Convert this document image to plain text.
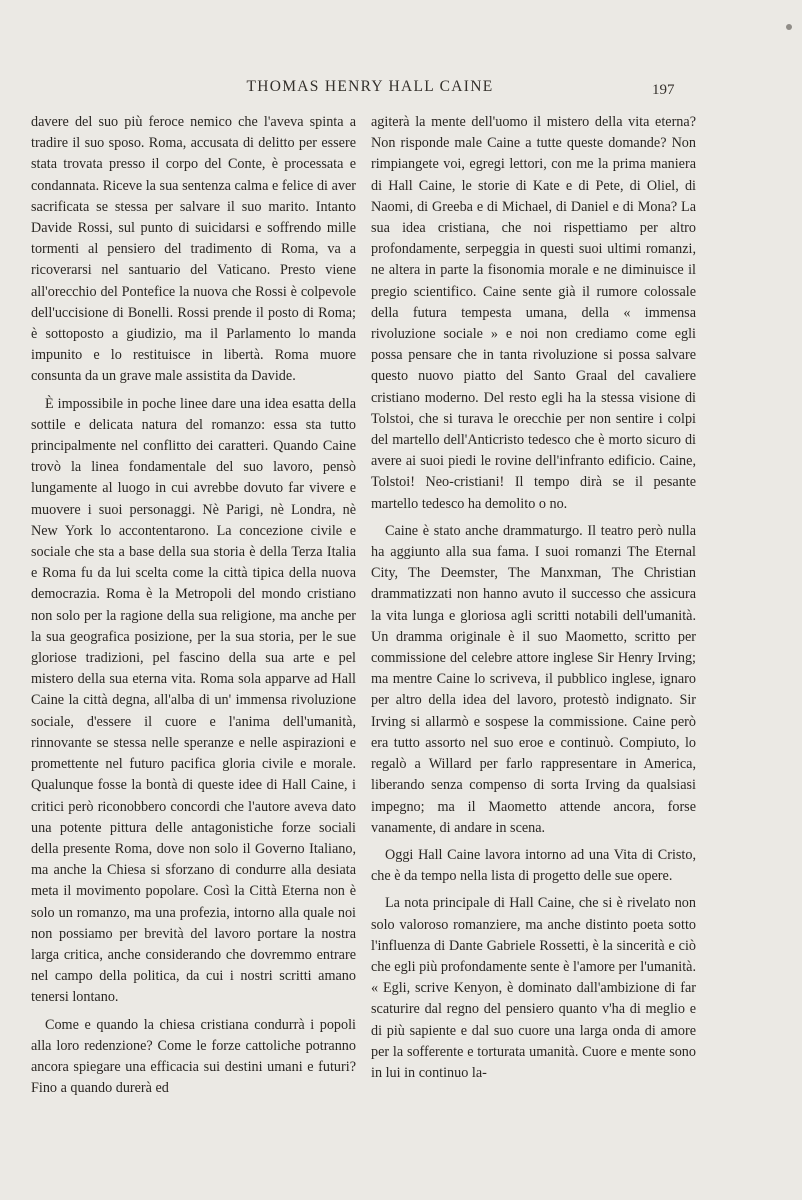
THOMAS HENRY HALL CAINE	197

davere del suo più feroce nemico che l'aveva spinta a tradire il suo sposo. Roma, accusata di delitto per essere stata trovata presso il corpo del Conte, è processata e condannata. Riceve la sua sentenza calma e felice di aver sacrificata se stessa per salvare il suo marito. Intanto Davide Rossi, sul punto di suicidarsi e soffrendo mille tormenti al pensiero del tradimento di Roma, va a ricoverarsi nel santuario del Vaticano. Presto viene all'orecchio del Pontefice la nuova che Rossi è colpevole dell'uccisione di Bonelli. Rossi prende il posto di Roma; è sottoposto a giudizio, ma il Parlamento lo manda impunito e lo restituisce in libertà. Roma muore consunta da un grave male assistita da Davide.

È impossibile in poche linee dare una idea esatta della sottile e delicata natura del romanzo: essa sta tutto principalmente nel conflitto dei caratteri. Quando Caine trovò la linea fondamentale del suo lavoro, pensò lungamente al luogo in cui avrebbe dovuto far vivere e muovere i suoi personaggi. Nè Parigi, nè Londra, nè New York lo accontentarono. La concezione civile e sociale che sta a base della sua storia è della Terza Italia e Roma fu da lui scelta come la città tipica della nuova democrazia. Roma è la Metropoli del mondo cristiano non solo per la ragione della sua religione, ma anche per la sua geografica posizione, per la sua storia, per le sue gloriose tradizioni, pel fascino della sua arte e pel mistero della sua eterna vita. Roma sola apparve ad Hall Caine la città degna, all'alba di un' immensa rivoluzione sociale, d'essere il cuore e l'anima dell'umanità, rinnovante se stessa nelle speranze e nelle aspirazioni e promettente nel futuro pacifica gloria civile e morale. Qualunque fosse la bontà di queste idee di Hall Caine, i critici però riconobbero concordi che l'autore aveva dato una potente pittura delle antagonistiche forze sociali della presente Roma, dove non solo il Governo Italiano, ma anche la Chiesa si sforzano di condurre alla desiata meta il movimento popolare. Così la Città Eterna non è solo un romanzo, ma una profezia, intorno alla quale noi non possiamo per brevità del lavoro portare la nostra larga critica, anche considerando che dovremmo entrare nel campo della politica, da cui i nostri scritti amano tenersi lontano.

Come e quando la chiesa cristiana condurrà i popoli alla loro redenzione? Come le forze cattoliche potranno ancora spiegare una efficacia sui destini umani e futuri? Fino a quando durerà ed

agiterà la mente dell'uomo il mistero della vita eterna? Non risponde male Caine a tutte queste domande? Non rimpiangete voi, egregi lettori, con me la prima maniera di Hall Caine, le storie di Kate e di Pete, di Oliel, di Naomi, di Greeba e di Michael, di Daniel e di Mona? La sua idea cristiana, che noi rispettiamo per altro profondamente, serpeggia in questi suoi ultimi romanzi, ne altera in parte la fisonomia morale e ne diminuisce il pregio scientifico. Caine sente già il rumore colossale della futura tempesta umana, della « immensa rivoluzione sociale » e noi non crediamo come egli possa pensare che in tanta rivoluzione si possa salvare questo nuovo piatto del Santo Graal del cavaliere cristiano moderno. Del resto egli ha la stessa visione di Tolstoi, che si turava le orecchie per non sentire i colpi del martello dell'Anticristo tedesco che è morto sicuro di avere ai suoi piedi le rovine dell'infranto edificio. Caine, Tolstoi! Neo-cristiani! Il tempo dirà se il pesante martello tedesco ha demolito o no.

Caine è stato anche drammaturgo. Il teatro però nulla ha aggiunto alla sua fama. I suoi romanzi The Eternal City, The Deemster, The Manxman, The Christian drammatizzati non hanno avuto il successo che assicura la vita lunga e gloriosa agli scritti notabili dell'umanità. Un dramma originale è il suo Maometto, scritto per commissione del celebre attore inglese Sir Henry Irving; ma mentre Caine lo scriveva, il pubblico inglese, ignaro per altro della idea del lavoro, protestò indignato. Sir Irving si allarmò e sospese la commissione. Caine però era tutto assorto nel suo eroe e continuò. Compiuto, lo regalò a Willard per farlo rappresentare in America, liberando senza compenso di sorta Irving da qualsiasi impegno; ma il Maometto attende ancora, forse vanamente, di andare in scena.

Oggi Hall Caine lavora intorno ad una Vita di Cristo, che è da tempo nella lista di progetto delle sue opere.

La nota principale di Hall Caine, che si è rivelato non solo valoroso romanziere, ma anche distinto poeta sotto l'influenza di Dante Gabriele Rossetti, è la sincerità e ciò che egli più profondamente sente è l'amore per l'umanità. « Egli, scrive Kenyon, è dominato dall'ambizione di far scaturire dal regno del pensiero quanto v'ha di meglio e di più sapiente e dal suo cuore una larga onda di amore per la sofferente e torturata umanità. Cuore e mente sono in lui in continuo la-
